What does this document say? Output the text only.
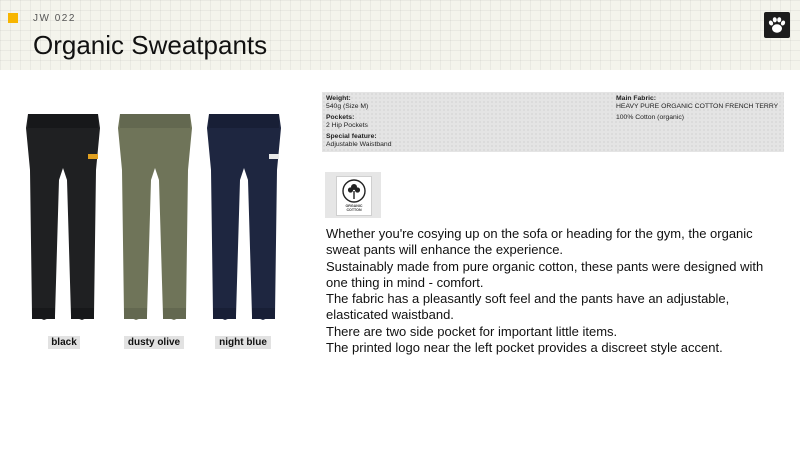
JW 022
Organic Sweatpants
black	dusty olive	night blue
Weight:
540g (Size M)
Pockets:
2 Hip Pockets
Special feature:
Adjustable Waistband
Main Fabric:
HEAVY PURE ORGANIC COTTON FRENCH TERRY
100% Cotton (organic)
ORGANIC
COTTON

Whether you're cosying up on the sofa or heading for the gym, the organic sweat pants will enhance the experience.

Sustainably made from pure organic cotton, these pants were designed with one thing in mind - comfort.

The fabric has a pleasantly soft feel and the pants have an adjustable, elasticated waistband.

There are two side pocket for important little items.

The printed logo near the left pocket provides a discreet style accent.
